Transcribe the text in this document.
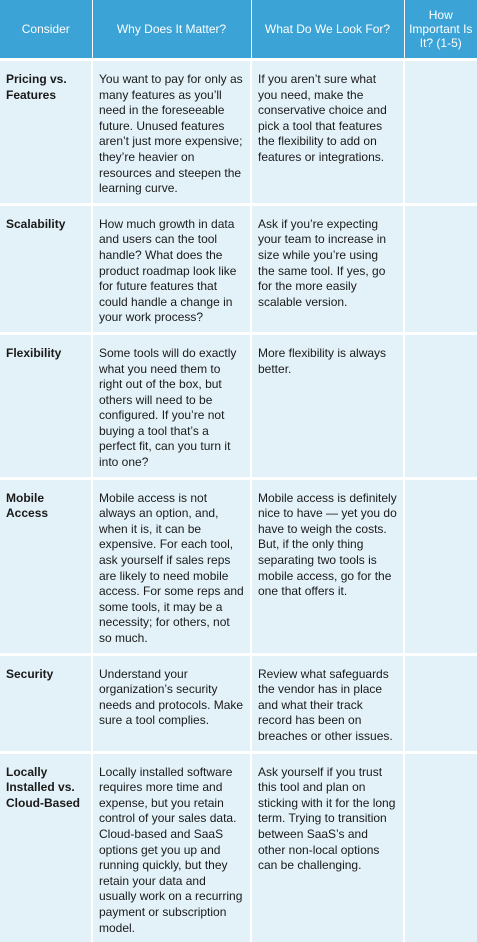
Consider	Why Does It Matter?	What Do We Look For?	How Important Is It? (1-5)
Pricing vs. Features	You want to pay for only as many features as you’ll need in the foreseeable future. Unused features aren’t just more expensive; they’re heavier on resources and steepen the learning curve.	If you aren’t sure what you need, make the conservative choice and pick a tool that features the flexibility to add on features or integrations.	
Scalability	How much growth in data and users can the tool handle? What does the product roadmap look like for future features that could handle a change in your work process?	Ask if you’re expecting your team to increase in size while you’re using the same tool. If yes, go for the more easily scalable version.	
Flexibility	Some tools will do exactly what you need them to right out of the box, but others will need to be configured. If you’re not buying a tool that’s a perfect fit, can you turn it into one?	More flexibility is always better.	
Mobile Access	Mobile access is not always an option, and, when it is, it can be expensive. For each tool, ask yourself if sales reps are likely to need mobile access. For some reps and some tools, it may be a necessity; for others, not so much.	Mobile access is definitely nice to have — yet you do have to weigh the costs. But, if the only thing separating two tools is mobile access, go for the one that offers it.	
Security	Understand your organization’s security needs and protocols. Make sure a tool complies.	Review what safeguards the vendor has in place and what their track record has been on breaches or other issues.	
Locally Installed vs. Cloud-Based	Locally installed software requires more time and expense, but you retain control of your sales data. Cloud-based and SaaS options get you up and running quickly, but they retain your data and usually work on a recurring payment or subscription model.	Ask yourself if you trust this tool and plan on sticking with it for the long term. Trying to transition between SaaS’s and other non-local options can be challenging.	
